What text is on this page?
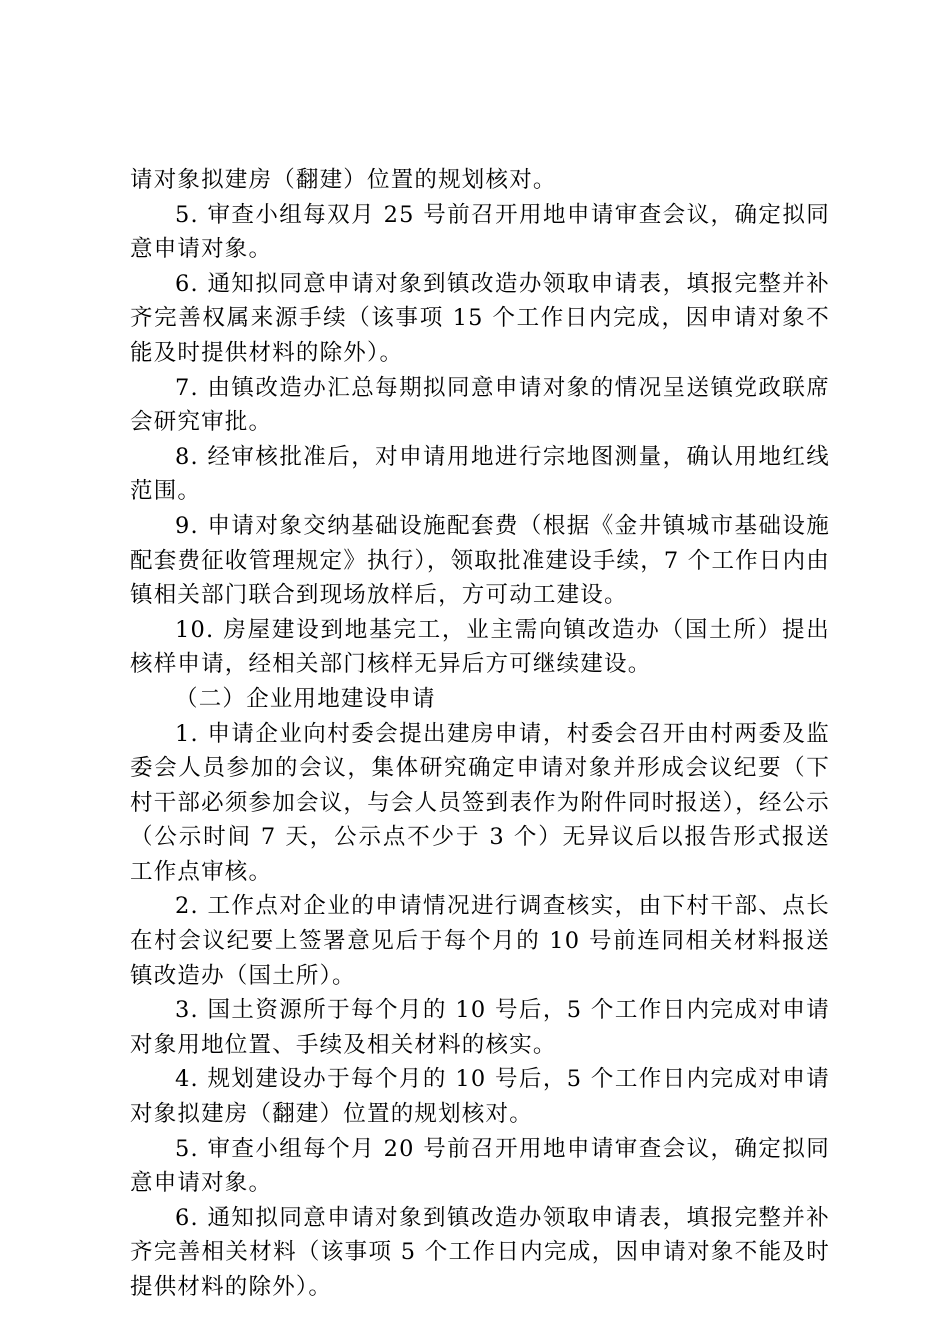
请对象拟建房（翻建）位置的规划核对。

5. 审查小组每双月 25 号前召开用地申请审查会议，确定拟同意申请对象。

6. 通知拟同意申请对象到镇改造办领取申请表，填报完整并补齐完善权属来源手续（该事项 15 个工作日内完成，因申请对象不能及时提供材料的除外）。

7. 由镇改造办汇总每期拟同意申请对象的情况呈送镇党政联席会研究审批。

8. 经审核批准后，对申请用地进行宗地图测量，确认用地红线范围。

9. 申请对象交纳基础设施配套费（根据《金井镇城市基础设施配套费征收管理规定》执行），领取批准建设手续，7 个工作日内由镇相关部门联合到现场放样后，方可动工建设。

10. 房屋建设到地基完工，业主需向镇改造办（国土所）提出核样申请，经相关部门核样无异后方可继续建设。

（二）企业用地建设申请

1. 申请企业向村委会提出建房申请，村委会召开由村两委及监委会人员参加的会议，集体研究确定申请对象并形成会议纪要（下村干部必须参加会议，与会人员签到表作为附件同时报送），经公示（公示时间 7 天，公示点不少于 3 个）无异议后以报告形式报送工作点审核。

2. 工作点对企业的申请情况进行调查核实，由下村干部、点长在村会议纪要上签署意见后于每个月的 10 号前连同相关材料报送镇改造办（国土所）。

3. 国土资源所于每个月的 10 号后，5 个工作日内完成对申请对象用地位置、手续及相关材料的核实。

4. 规划建设办于每个月的 10 号后，5 个工作日内完成对申请对象拟建房（翻建）位置的规划核对。

5. 审查小组每个月 20 号前召开用地申请审查会议，确定拟同意申请对象。

6. 通知拟同意申请对象到镇改造办领取申请表，填报完整并补齐完善相关材料（该事项 5 个工作日内完成，因申请对象不能及时提供材料的除外）。
